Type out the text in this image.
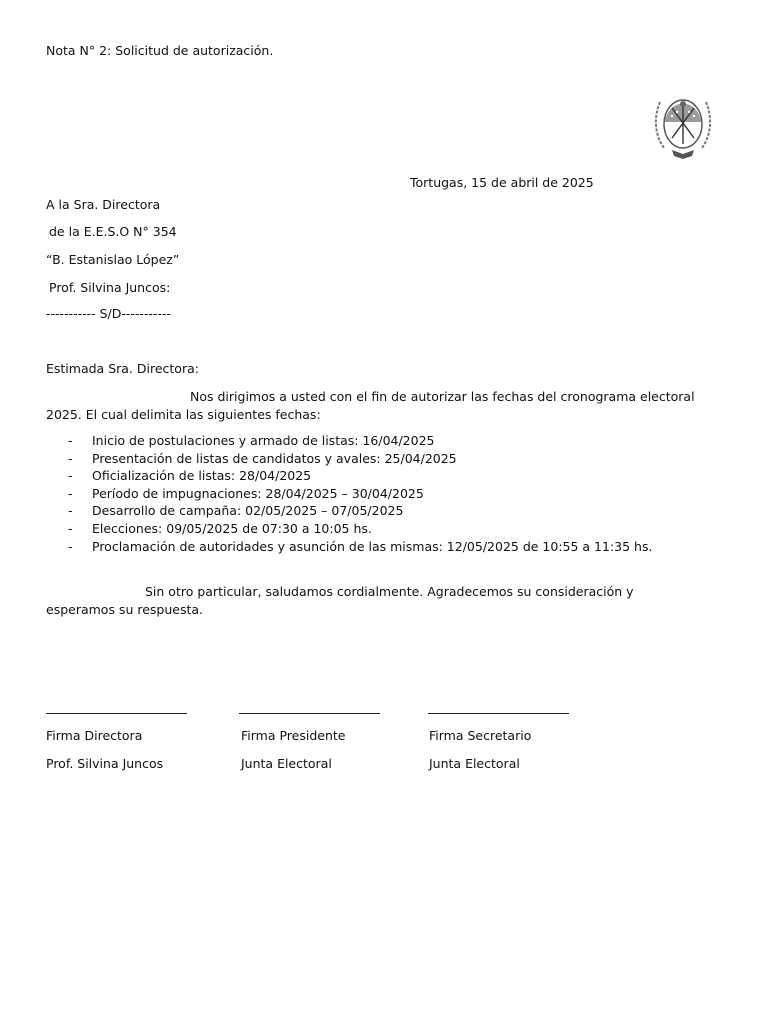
Nota N° 2: Solicitud de autorización.
Tortugas, 15 de abril de 2025
A la Sra. Directora
de la E.E.S.O N° 354
“B. Estanislao López”
Prof. Silvina Juncos:
----------- S/D-----------
Estimada Sra. Directora:
Nos dirigimos a usted con el fin de autorizar las fechas del cronograma electoral 2025. El cual delimita las siguientes fechas:
- Inicio de postulaciones y armado de listas: 16/04/2025
- Presentación de listas de candidatos y avales: 25/04/2025
- Oficialización de listas: 28/04/2025
- Período de impugnaciones: 28/04/2025 – 30/04/2025
- Desarrollo de campaña: 02/05/2025 – 07/05/2025
- Elecciones: 09/05/2025 de 07:30 a 10:05 hs.
- Proclamación de autoridades y asunción de las mismas: 12/05/2025 de 10:55 a 11:35 hs.
Sin otro particular, saludamos cordialmente. Agradecemos su consideración y esperamos su respuesta.
Firma Directora	Firma Presidente	Firma Secretario
Prof. Silvina Juncos	Junta Electoral	Junta Electoral
